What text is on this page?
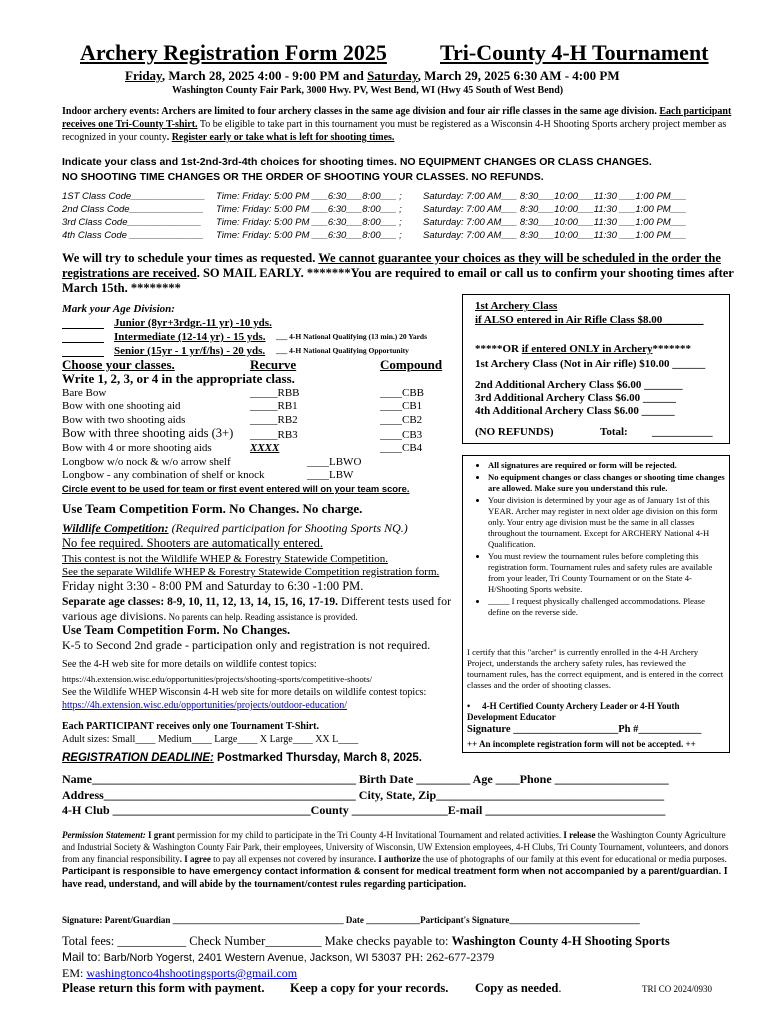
Archery Registration Form 2025 Tri-County 4-H Tournament
Friday, March 28, 2025 4:00 - 9:00 PM and Saturday, March 29, 2025 6:30 AM - 4:00 PM
Washington County Fair Park, 3000 Hwy. PV, West Bend, WI (Hwy 45 South of West Bend)
Indoor archery events: Archers are limited to four archery classes in the same age division and four air rifle classes in the same age division. Each participant receives one Tri-County T-shirt. To be eligible to take part in this tournament you must be registered as a Wisconsin 4-H Shooting Sports archery project member as recognized in your county. Register early or take what is left for shooting times.
Indicate your class and 1st-2nd-3rd-4th choices for shooting times. NO EQUIPMENT CHANGES OR CLASS CHANGES.
NO SHOOTING TIME CHANGES OR THE ORDER OF SHOOTING YOUR CLASSES. NO REFUNDS.
1ST Class Code______________ Time: Friday: 5:00 PM ___6:30___8:00___ ; Saturday: 7:00 AM___ 8:30___10:00___11:30 ___1:00 PM___
2nd Class Code______________ Time: Friday: 5:00 PM ___6:30___8:00___ ; Saturday: 7:00 AM___ 8:30___10:00___11:30 ___1:00 PM___
3rd Class Code______________ Time: Friday: 5:00 PM ___6:30___8:00___ ; Saturday: 7:00 AM___ 8:30___10:00___11:30 ___1:00 PM___
4th Class Code ______________ Time: Friday: 5:00 PM ___6:30___8:00___ ; Saturday: 7:00 AM___ 8:30___10:00___11:30 ___1:00 PM___
We will try to schedule your times as requested. We cannot guarantee your choices as they will be scheduled in the order the registrations are received. SO MAIL EARLY. *******You are required to email or call us to confirm your shooting times after March 15th. ********
Mark your Age Division:
Junior (8yr+3rdgr.-11 yr) -10 yds.
Intermediate (12-14 yr) - 15 yds. ___ 4-H National Qualifying (13 min.) 20 Yards
Senior (15yr - 1 yr/f/hs) - 20 yds. ___ 4-H National Qualifying Opportunity
Choose your classes.	Recurve	Compound
Write 1, 2, 3, or 4 in the appropriate class.
Bare Bow	_____RBB	____CBB
Bow with one shooting aid	_____RB1	____CB1
Bow with two shooting aids	_____RB2	____CB2
Bow with three shooting aids (3+) _____RB3	____CB3
Bow with 4 or more shooting aids	XXXX	____CB4
Longbow w/o nock & w/o arrow shelf	____LBWO
Longbow - any combination of shelf or knock	____LBW
Circle event to be used for team or first event entered will on your team score.
Use Team Competition Form. No Changes. No charge.
Wildlife Competition: (Required participation for Shooting Sports NQ.)
No fee required. Shooters are automatically entered.
This contest is not the Wildlife WHEP & Forestry Statewide Competition.
See the separate Wildlife WHEP & Forestry Statewide Competition registration form.
Friday night 3:30 - 8:00 PM and Saturday to 6:30 -1:00 PM.
Separate age classes: 8-9, 10, 11, 12, 13, 14, 15, 16, 17-19. Different tests used for various age divisions. No parents can help. Reading assistance is provided.
Use Team Competition Form. No Changes.
K-5 to Second 2nd grade - participation only and registration is not required.
See the 4-H web site for more details on wildlife contest topics:
https://4h.extension.wisc.edu/opportunities/projects/shooting-sports/competitive-shoots/
See the Wildlife WHEP Wisconsin 4-H web site for more details on wildlife contest topics: https://4h.extension.wisc.edu/opportunities/projects/outdoor-education/
Each PARTICIPANT receives only one Tournament T-Shirt.
Adult sizes: Small____ Medium____ Large____ X Large____ XX L____
1st Archery Class
if ALSO entered in Air Rifle Class $8.00 _______
*****OR if entered ONLY in Archery*******
1st Archery Class (Not in Air rifle) $10.00 ______
2nd Additional Archery Class $6.00 _______
3rd Additional Archery Class $6.00 ______
4th Additional Archery Class $6.00 ______
(NO REFUNDS)	Total: ___________
• All signatures are required or form will be rejected.
• No equipment changes or class changes or shooting time changes are allowed. Make sure you understand this rule.
• Your division is determined by your age as of January 1st of this YEAR. Archer may register in next older age division on this form only. Your entry age division must be the same in all classes throughout the tournament. Except for ARCHERY National 4-H Qualification.
• You must review the tournament rules before completing this registration form. Tournament rules and safety rules are available from your leader, Tri County Tournament or on the State 4-H/Shooting Sports website.
• _____ I request physically challenged accommodations. Please define on the reverse side.
I certify that this "archer" is currently enrolled in the 4-H Archery Project, understands the archery safety rules, has reviewed the tournament rules, has the correct equipment, and is entered in the correct classes and the order of shooting classes.
• 4-H Certified County Archery Leader or 4-H Youth Development Educator
Signature ____________________Ph #____________
++ An incomplete registration form will not be accepted. ++
REGISTRATION DEADLINE: Postmarked Thursday, March 8, 2025.
Name____________________________________________ Birth Date _________ Age ____Phone ___________________
Address__________________________________________ City, State, Zip______________________________________
4-H Club _________________________________County ________________E-mail ______________________________
Permission Statement: I grant permission for my child to participate in the Tri County 4-H Invitational Tournament and related activities. I release the Washington County Agriculture and Industrial Society & Washington County Fair Park, their employees, University of Wisconsin, UW Extension employees, 4-H Clubs, Tri County Tournament, volunteers, and donors from any financial responsibility. I agree to pay all expenses not covered by insurance. I authorize the use of photographs of our family at this event for educational or media purposes. Participant is responsible to have emergency contact information & consent for medical treatment form when not accompanied by a parent/guardian. I have read, understand, and will abide by the tournament/contest rules regarding participation.
Signature: Parent/Guardian ______________________________________ Date ____________Participant's Signature_____________________________
Total fees: ___________ Check Number_________ Make checks payable to: Washington County 4-H Shooting Sports
Mail to: Barb/Norb Yogerst, 2401 Western Avenue, Jackson, WI 53037 PH: 262-677-2379
EM: washingtonco4hshootingsports@gmail.com
Please return this form with payment. Keep a copy for your records. Copy as needed.	TRI CO 2024/0930
